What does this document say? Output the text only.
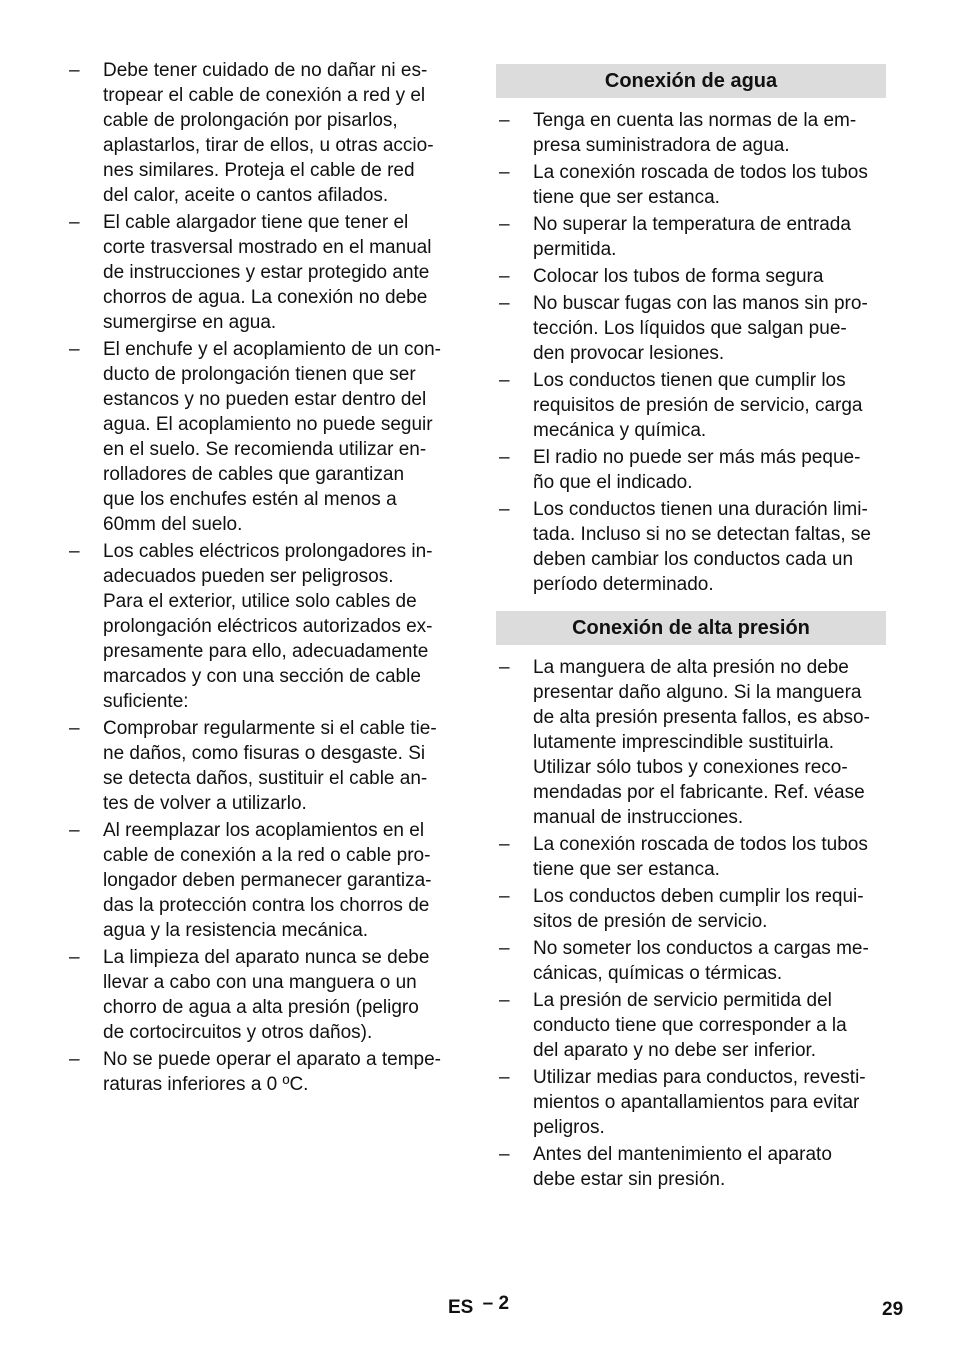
– Debe tener cuidado de no dañar ni es-
tropear el cable de conexión a red y el
cable de prolongación por pisarlos,
aplastarlos, tirar de ellos, u otras accio-
nes similares. Proteja el cable de red
del calor, aceite o cantos afilados.
– El cable alargador tiene que tener el
corte trasversal mostrado en el manual
de instrucciones y estar protegido ante
chorros de agua. La conexión no debe
sumergirse en agua.
– El enchufe y el acoplamiento de un con-
ducto de prolongación tienen que ser
estancos y no pueden estar dentro del
agua. El acoplamiento no puede seguir
en el suelo. Se recomienda utilizar en-
rolladores de cables que garantizan
que los enchufes estén al menos a
60mm del suelo.
– Los cables eléctricos prolongadores in-
adecuados pueden ser peligrosos.
Para el exterior, utilice solo cables de
prolongación eléctricos autorizados ex-
presamente para ello, adecuadamente
marcados y con una sección de cable
suficiente:
– Comprobar regularmente si el cable tie-
ne daños, como fisuras o desgaste. Si
se detecta daños, sustituir el cable an-
tes de volver a utilizarlo.
– Al reemplazar los acoplamientos en el
cable de conexión a la red o cable pro-
longador deben permanecer garantiza-
das la protección contra los chorros de
agua y la resistencia mecánica.
– La limpieza del aparato nunca se debe
llevar a cabo con una manguera o un
chorro de agua a alta presión (peligro
de cortocircuitos y otros daños).
– No se puede operar el aparato a tempe-
raturas inferiores a 0 ºC.
Conexión de agua
– Tenga en cuenta las normas de la em-
presa suministradora de agua.
– La conexión roscada de todos los tubos
tiene que ser estanca.
– No superar la temperatura de entrada
permitida.
– Colocar los tubos de forma segura
– No buscar fugas con las manos sin pro-
tección. Los líquidos que salgan pue-
den provocar lesiones.
– Los conductos tienen que cumplir los
requisitos de presión de servicio, carga
mecánica y química.
– El radio no puede ser más más peque-
ño que el indicado.
– Los conductos tienen una duración limi-
tada. Incluso si no se detectan faltas, se
deben cambiar los conductos cada un
período determinado.
Conexión de alta presión
– La manguera de alta presión no debe
presentar daño alguno. Si la manguera
de alta presión presenta fallos, es abso-
lutamente imprescindible sustituirla.
Utilizar sólo tubos y conexiones reco-
mendadas por el fabricante. Ref. véase
manual de instrucciones.
– La conexión roscada de todos los tubos
tiene que ser estanca.
– Los conductos deben cumplir los requi-
sitos de presión de servicio.
– No someter los conductos a cargas me-
cánicas, químicas o térmicas.
– La presión de servicio permitida del
conducto tiene que corresponder a la
del aparato y no debe ser inferior.
– Utilizar medias para conductos, revesti-
mientos o apantallamientos para evitar
peligros.
– Antes del mantenimiento el aparato
debe estar sin presión.
ES – 2	29
